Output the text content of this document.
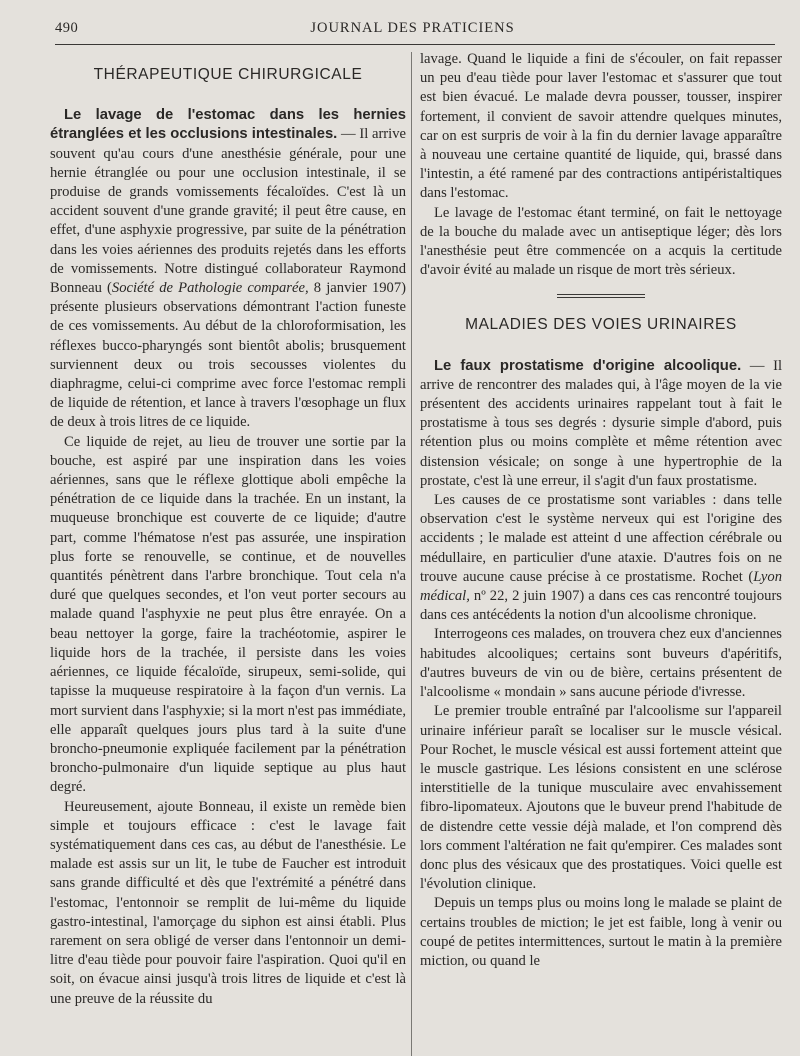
490	JOURNAL DES PRATICIENS
THÉRAPEUTIQUE CHIRURGICALE

Le lavage de l'estomac dans les hernies étranglées et les occlusions intestinales. — Il arrive souvent qu'au cours d'une anesthésie générale, pour une hernie étranglée ou pour une occlusion intestinale, il se produise de grands vomissements fécaloïdes. C'est là un accident souvent d'une grande gravité; il peut être cause, en effet, d'une asphyxie progressive, par suite de la pénétration dans les voies aériennes des produits rejetés dans les efforts de vomissements. Notre distingué collaborateur Raymond Bonneau (Société de Pathologie comparée, 8 janvier 1907) présente plusieurs observations démontrant l'action funeste de ces vomissements. Au début de la chloroformisation, les réflexes bucco-pharyngés sont bientôt abolis; brusquement surviennent deux ou trois secousses violentes du diaphragme, celui-ci comprime avec force l'estomac rempli de liquide de rétention, et lance à travers l'œsophage un flux de deux à trois litres de ce liquide.

Ce liquide de rejet, au lieu de trouver une sortie par la bouche, est aspiré par une inspiration dans les voies aériennes, sans que le réflexe glottique aboli empêche la pénétration de ce liquide dans la trachée. En un instant, la muqueuse bronchique est couverte de ce liquide; d'autre part, comme l'hématose n'est pas assurée, une inspiration plus forte se renouvelle, se continue, et de nouvelles quantités pénètrent dans l'arbre bronchique. Tout cela n'a duré que quelques secondes, et l'on veut porter secours au malade quand l'asphyxie ne peut plus être enrayée. On a beau nettoyer la gorge, faire la trachéotomie, aspirer le liquide hors de la trachée, il persiste dans les voies aériennes, ce liquide fécaloïde, sirupeux, semi-solide, qui tapisse la muqueuse respiratoire à la façon d'un vernis. La mort survient dans l'asphyxie; si la mort n'est pas immédiate, elle apparaît quelques jours plus tard à la suite d'une broncho-pneumonie expliquée facilement par la pénétration broncho-pulmonaire d'un liquide septique au plus haut degré.

Heureusement, ajoute Bonneau, il existe un remède bien simple et toujours efficace : c'est le lavage fait systématiquement dans ces cas, au début de l'anesthésie. Le malade est assis sur un lit, le tube de Faucher est introduit sans grande difficulté et dès que l'extrémité a pénétré dans l'estomac, l'entonnoir se remplit de lui-même du liquide gastro-intestinal, l'amorçage du siphon est ainsi établi. Plus rarement on sera obligé de verser dans l'entonnoir un demi-litre d'eau tiède pour pouvoir faire l'aspiration. Quoi qu'il en soit, on évacue ainsi jusqu'à trois litres de liquide et c'est là une preuve de la réussite du

lavage. Quand le liquide a fini de s'écouler, on fait repasser un peu d'eau tiède pour laver l'estomac et s'assurer que tout est bien évacué. Le malade devra pousser, tousser, inspirer fortement, il convient de savoir attendre quelques minutes, car on est surpris de voir à la fin du dernier lavage apparaître à nouveau une certaine quantité de liquide, qui, brassé dans l'intestin, a été ramené par des contractions antipéristaltiques dans l'estomac.

Le lavage de l'estomac étant terminé, on fait le nettoyage de la bouche du malade avec un antiseptique léger; dès lors l'anesthésie peut être commencée on a acquis la certitude d'avoir évité au malade un risque de mort très sérieux.

MALADIES DES VOIES URINAIRES

Le faux prostatisme d'origine alcoolique. — Il arrive de rencontrer des malades qui, à l'âge moyen de la vie présentent des accidents urinaires rappelant tout à fait le prostatisme à tous ses degrés : dysurie simple d'abord, puis rétention plus ou moins complète et même rétention avec distension vésicale; on songe à une hypertrophie de la prostate, c'est là une erreur, il s'agit d'un faux prostatisme.

Les causes de ce prostatisme sont variables : dans telle observation c'est le système nerveux qui est l'origine des accidents ; le malade est atteint d une affection cérébrale ou médullaire, en particulier d'une ataxie. D'autres fois on ne trouve aucune cause précise à ce prostatisme. Rochet (Lyon médical, nº 22, 2 juin 1907) a dans ces cas rencontré toujours dans ces antécédents la notion d'un alcoolisme chronique.

Interrogeons ces malades, on trouvera chez eux d'anciennes habitudes alcooliques; certains sont buveurs d'apéritifs, d'autres buveurs de vin ou de bière, certains présentent de l'alcoolisme « mondain » sans aucune période d'ivresse.

Le premier trouble entraîné par l'alcoolisme sur l'appareil urinaire inférieur paraît se localiser sur le muscle vésical. Pour Rochet, le muscle vésical est aussi fortement atteint que le muscle gastrique. Les lésions consistent en une sclérose interstitielle de la tunique musculaire avec envahissement fibro-lipomateux. Ajoutons que le buveur prend l'habitude de de distendre cette vessie déjà malade, et l'on comprend dès lors comment l'altération ne fait qu'empirer. Ces malades sont donc plus des vésicaux que des prostatiques. Voici quelle est l'évolution clinique.

Depuis un temps plus ou moins long le malade se plaint de certains troubles de miction; le jet est faible, long à venir ou coupé de petites intermittences, surtout le matin à la première miction, ou quand le
